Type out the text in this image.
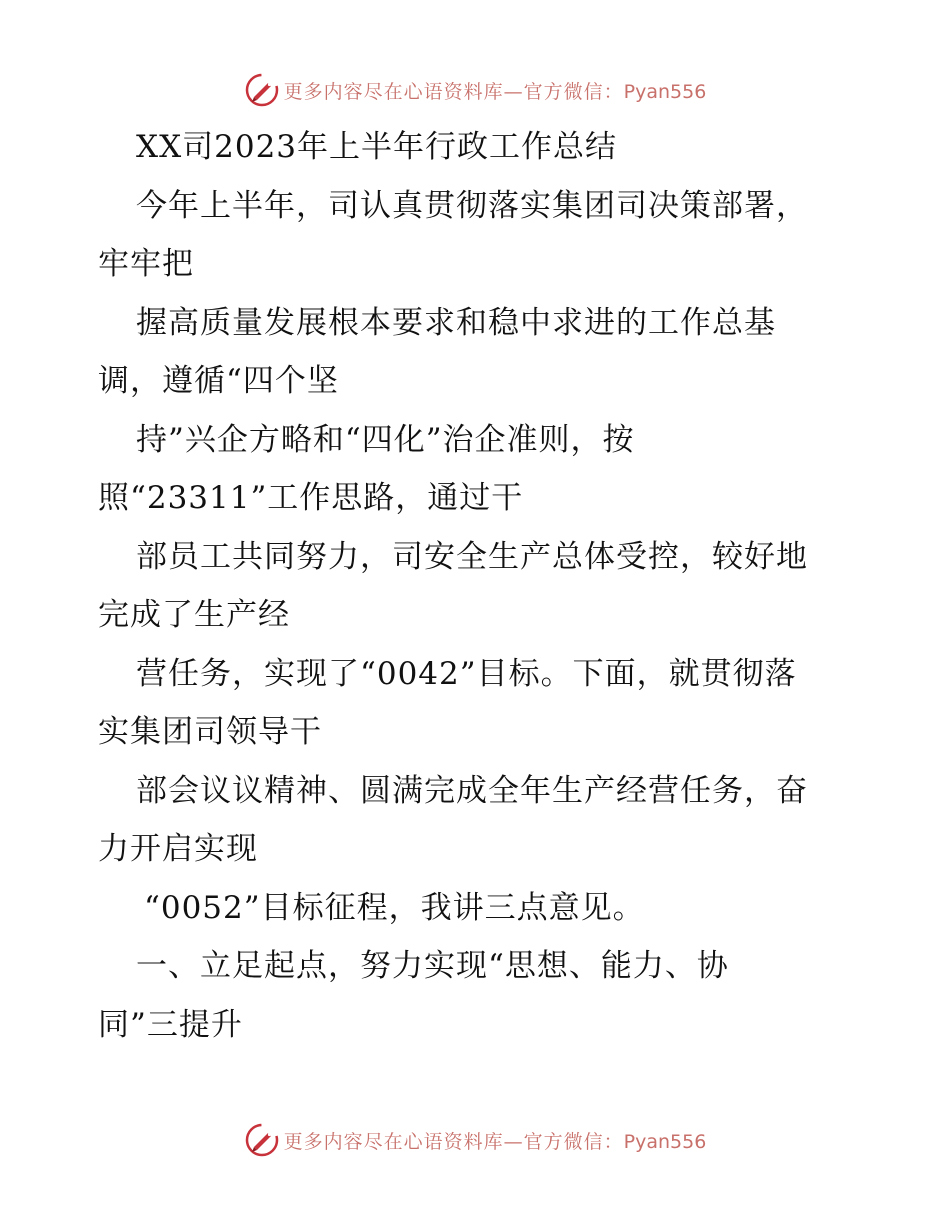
更多内容尽在心语资料库—官方微信：Pyan556
XX司2023年上半年行政工作总结
今年上半年，司认真贯彻落实集团司决策部署，
牢牢把
握高质量发展根本要求和稳中求进的工作总基
调，遵循“四个坚
持”兴企方略和“四化”治企准则，按
照“23311”工作思路，通过干
部员工共同努力，司安全生产总体受控，较好地
完成了生产经
营任务，实现了“0042”目标。下面，就贯彻落
实集团司领导干
部会议议精神、圆满完成全年生产经营任务，奋
力开启实现
“0052”目标征程，我讲三点意见。
一、立足起点，努力实现“思想、能力、协
同”三提升
更多内容尽在心语资料库—官方微信：Pyan556
